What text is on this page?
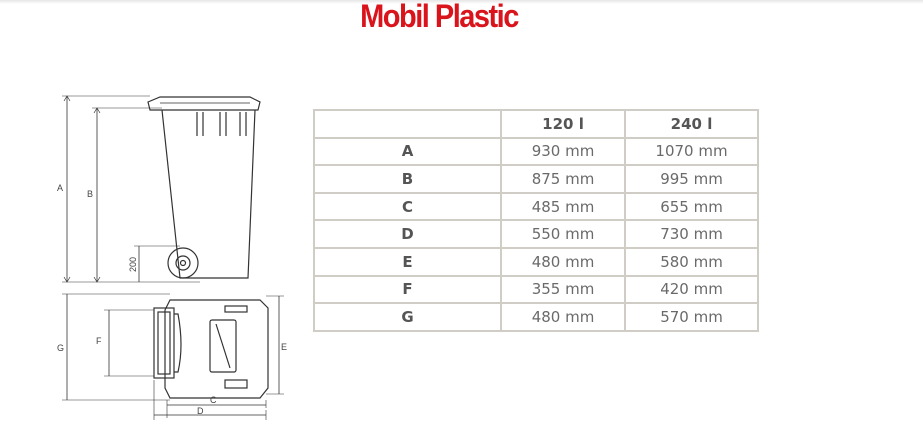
Mobil Plastic
A
B
200
G
F
E
C
D
	120 l	240 l
A	930 mm	1070 mm
B	875 mm	995 mm
C	485 mm	655 mm
D	550 mm	730 mm
E	480 mm	580 mm
F	355 mm	420 mm
G	480 mm	570 mm
